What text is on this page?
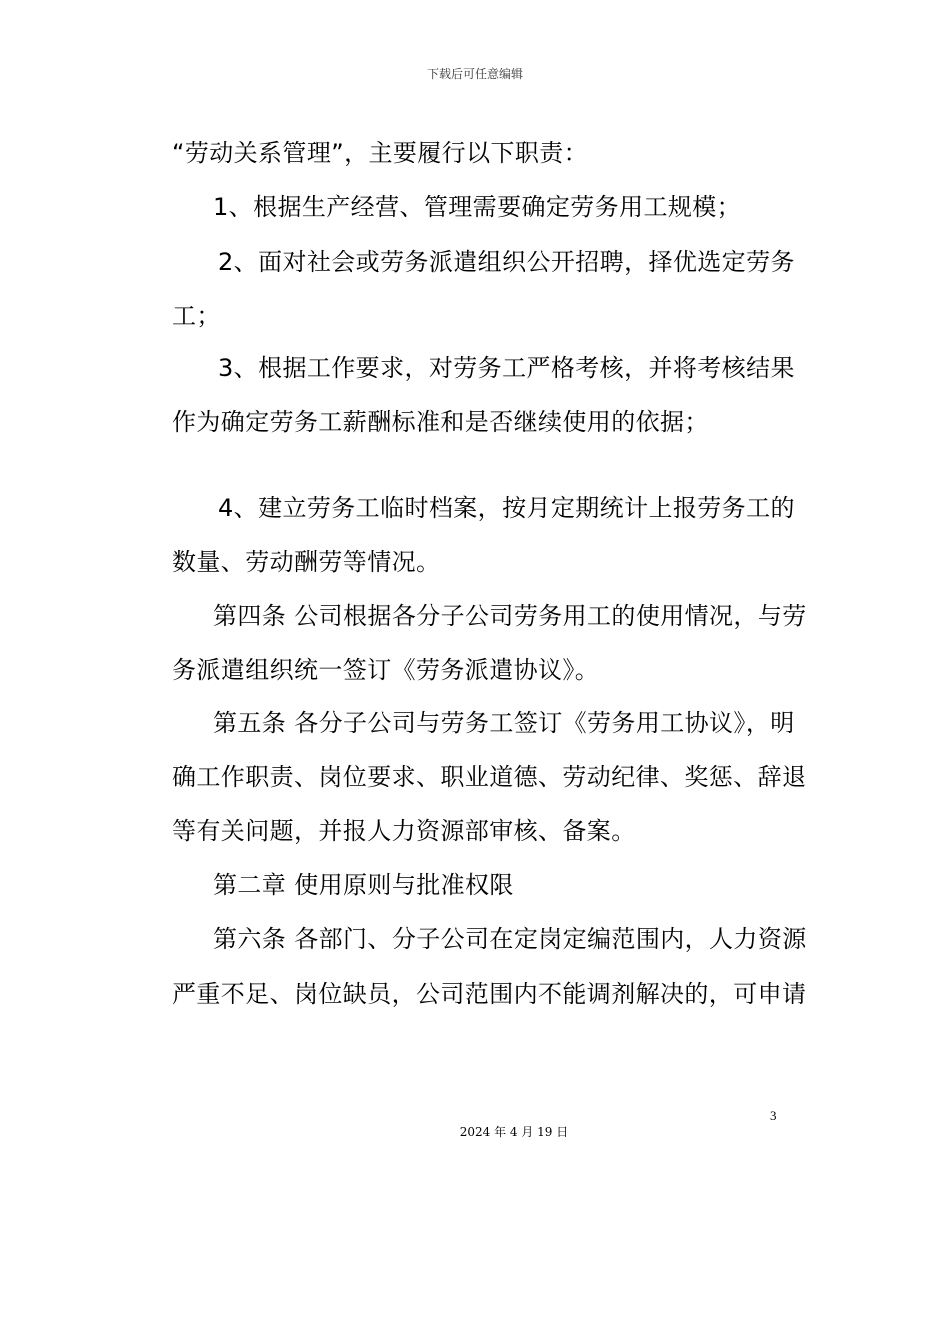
下载后可任意编辑
“劳动关系管理”，主要履行以下职责：
1、根据生产经营、管理需要确定劳务用工规模；
2、面对社会或劳务派遣组织公开招聘，择优选定劳务
工；
3、根据工作要求，对劳务工严格考核，并将考核结果
作为确定劳务工薪酬标准和是否继续使用的依据；
4、建立劳务工临时档案，按月定期统计上报劳务工的
数量、劳动酬劳等情况。
第四条 公司根据各分子公司劳务用工的使用情况，与劳
务派遣组织统一签订《劳务派遣协议》。
第五条 各分子公司与劳务工签订《劳务用工协议》，明
确工作职责、岗位要求、职业道德、劳动纪律、奖惩、辞退
等有关问题，并报人力资源部审核、备案。
第二章 使用原则与批准权限
第六条 各部门、分子公司在定岗定编范围内，人力资源
严重不足、岗位缺员，公司范围内不能调剂解决的，可申请
3
2024 年 4 月 19 日
